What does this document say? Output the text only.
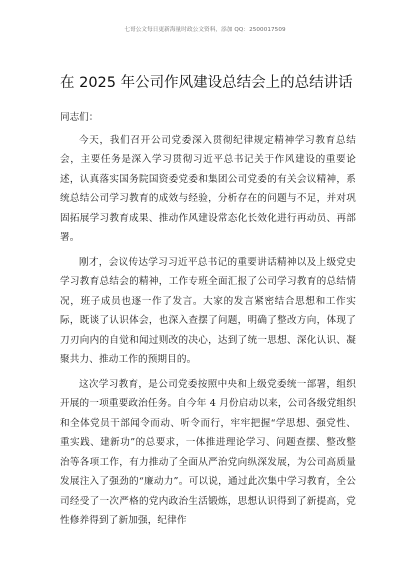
七哥公文每日更新海量时政公文资料，添加 QQ：2500017509
在 2025 年公司作风建设总结会上的总结讲话

同志们：

今天，我们召开公司党委深入贯彻纪律规定精神学习教育总结会，主要任务是深入学习贯彻习近平总书记关于作风建设的重要论述，认真落实国务院国资委党委和集团公司党委的有关会议精神，系统总结公司学习教育的成效与经验，分析存在的问题与不足，并对巩固拓展学习教育成果、推动作风建设常态化长效化进行再动员、再部署。

刚才，会议传达学习习近平总书记的重要讲话精神以及上级党史学习教育总结会的精神，工作专班全面汇报了公司学习教育的总结情况，班子成员也逐一作了发言。大家的发言紧密结合思想和工作实际，既谈了认识体会，也深入查摆了问题，明确了整改方向，体现了刀刃向内的自觉和闻过则改的决心，达到了统一思想、深化认识、凝聚共力、推动工作的预期目的。

这次学习教育，是公司党委按照中央和上级党委统一部署，组织开展的一项重要政治任务。自今年 4 月份启动以来，公司各级党组织和全体党员干部闻令而动、听令而行，牢牢把握“学思想、强党性、重实践、建新功”的总要求，一体推进理论学习、问题查摆、整改整治等各项工作，有力推动了全面从严治党向纵深发展，为公司高质量发展注入了强劲的“廉动力”。可以说，通过此次集中学习教育，全公司经受了一次严格的党内政治生活锻炼，思想认识得到了新提高，党性修养得到了新加强，纪律作
